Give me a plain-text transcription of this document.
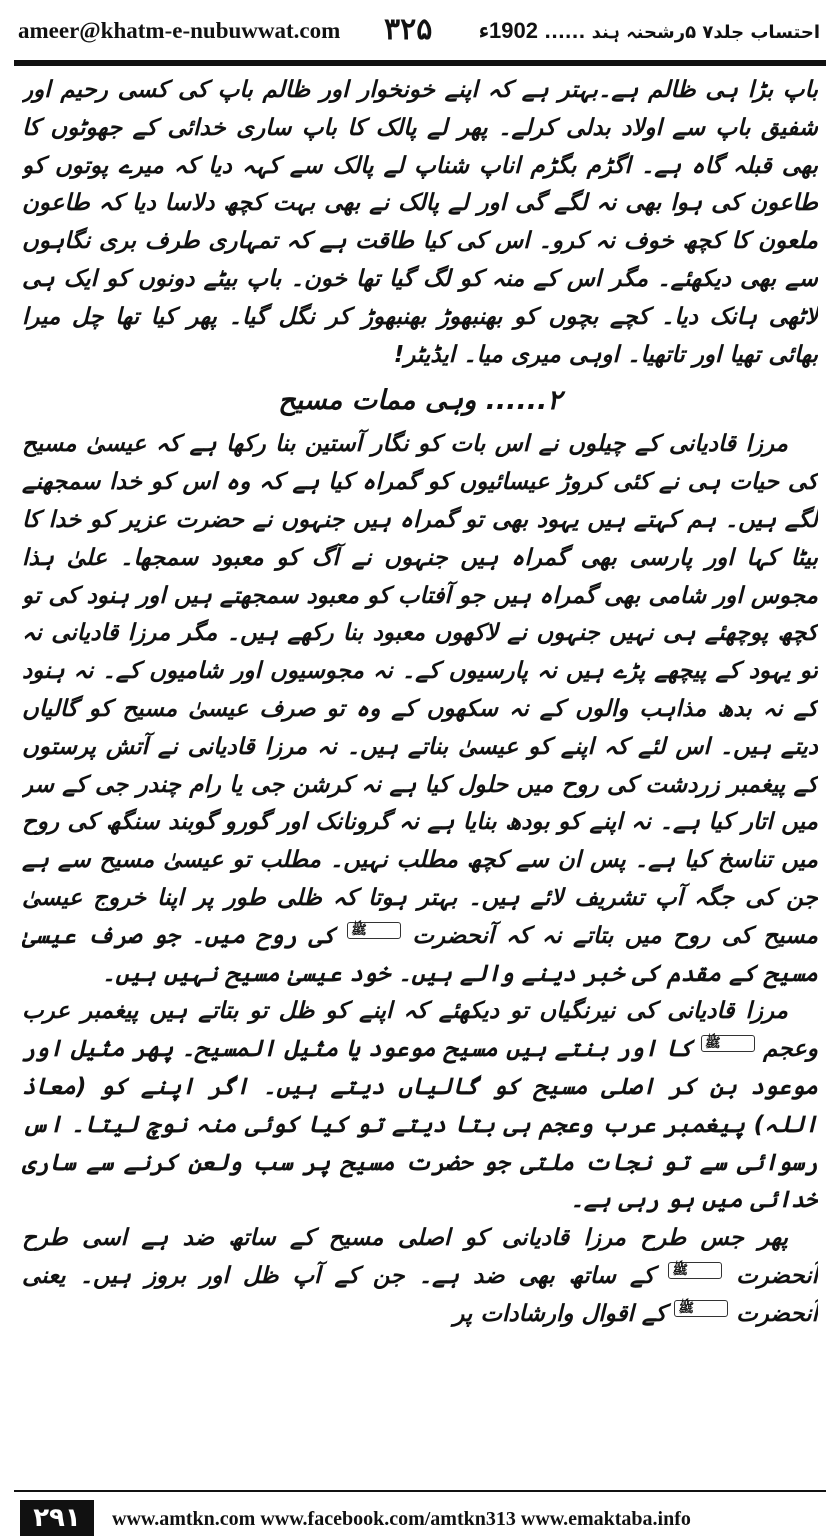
ameer@khatm-e-nubuwwat.com ۳۲۵	احتساب جلد۷ ۵رشحنہ ہند ...... 1902ء

باپ بڑا ہی ظالم ہے۔بہتر ہے کہ اپنے خونخوار اور ظالم باپ کی کسی رحیم اور شفیق باپ سے اولاد بدلی کرلے۔ پھر لے پالک کا باپ ساری خدائی کے جھوٹوں کا بھی قبلہ گاہ ہے۔ اگڑم بگڑم اناپ شناپ لے پالک سے کہہ دیا کہ میرے پوتوں کو طاعون کی ہوا بھی نہ لگے گی اور لے پالک نے بھی بہت کچھ دلاسا دیا کہ طاعون ملعون کا کچھ خوف نہ کرو۔ اس کی کیا طاقت ہے کہ تمہاری طرف بری نگاہوں سے بھی دیکھئے۔ مگر اس کے منہ کو لگ گیا تھا خون۔ باپ بیٹے دونوں کو ایک ہی لاٹھی ہانک دیا۔ کچے بچوں کو بھنبھوڑ بھنبھوڑ کر نگل گیا۔ پھر کیا تھا چل میرا بھائی تھیا اور تاتھیا۔ اوہی میری میا۔ ایڈیٹر!

۲...... وہی ممات مسیح

مرزا قادیانی کے چیلوں نے اس بات کو نگار آستین بنا رکھا ہے کہ عیسیٰ مسیح کی حیات ہی نے کئی کروڑ عیسائیوں کو گمراہ کیا ہے کہ وہ اس کو خدا سمجھنے لگے ہیں۔ ہم کہتے ہیں یہود بھی تو گمراہ ہیں جنہوں نے حضرت عزیر کو خدا کا بیٹا کہا اور پارسی بھی گمراہ ہیں جنہوں نے آگ کو معبود سمجھا۔ علیٰ ہذا مجوس اور شامی بھی گمراہ ہیں جو آفتاب کو معبود سمجھتے ہیں اور ہنود کی تو کچھ پوچھئے ہی نہیں جنہوں نے لاکھوں معبود بنا رکھے ہیں۔ مگر مرزا قادیانی نہ تو یہود کے پیچھے پڑے ہیں نہ پارسیوں کے۔ نہ مجوسیوں اور شامیوں کے۔ نہ ہنود کے نہ بدھ مذاہب والوں کے نہ سکھوں کے وہ تو صرف عیسیٰ مسیح کو گالیاں دیتے ہیں۔ اس لئے کہ اپنے کو عیسیٰ بناتے ہیں۔ نہ مرزا قادیانی نے آتش پرستوں کے پیغمبر زردشت کی روح میں حلول کیا ہے نہ کرشن جی یا رام چندر جی کے سر میں اتار کیا ہے۔ نہ اپنے کو بودھ بنایا ہے نہ گرونانک اور گورو گوبند سنگھ کی روح میں تناسخ کیا ہے۔ پس ان سے کچھ مطلب نہیں۔ مطلب تو عیسیٰ مسیح سے ہے جن کی جگہ آپ تشریف لائے ہیں۔ بہتر ہوتا کہ ظلی طور پر اپنا خروج عیسیٰ مسیح کی روح میں بتاتے نہ کہ آنحضرت ﷺ کی روح میں۔ جو صرف عیسیٰ مسیح کے مقدم کی خبر دینے والے ہیں۔ خود عیسیٰ مسیح نہیں ہیں۔

مرزا قادیانی کی نیرنگیاں تو دیکھئے کہ اپنے کو ظل تو بتاتے ہیں پیغمبر عرب وعجم ﷺ کا اور بنتے ہیں مسیح موعود یا مثیل المسیح۔ پھر مثیل اور موعود بن کر اصلی مسیح کو گالیاں دیتے ہیں۔ اگر اپنے کو (معاذ اللہ) پیغمبر عرب وعجم ہی بتا دیتے تو کیا کوئی منہ نوچ لیتا۔ اس رسوائی سے تو نجات ملتی جو حضرت مسیح پر سب ولعن کرنے سے ساری خدائی میں ہو رہی ہے۔

پھر جس طرح مرزا قادیانی کو اصلی مسیح کے ساتھ ضد ہے اسی طرح آنحضرت ﷺ کے ساتھ بھی ضد ہے۔ جن کے آپ ظل اور بروز ہیں۔ یعنی آنحضرت ﷺ کے اقوال وارشادات پر

۲۹۱	www.amtkn.com www.facebook.com/amtkn313 www.emaktaba.info
